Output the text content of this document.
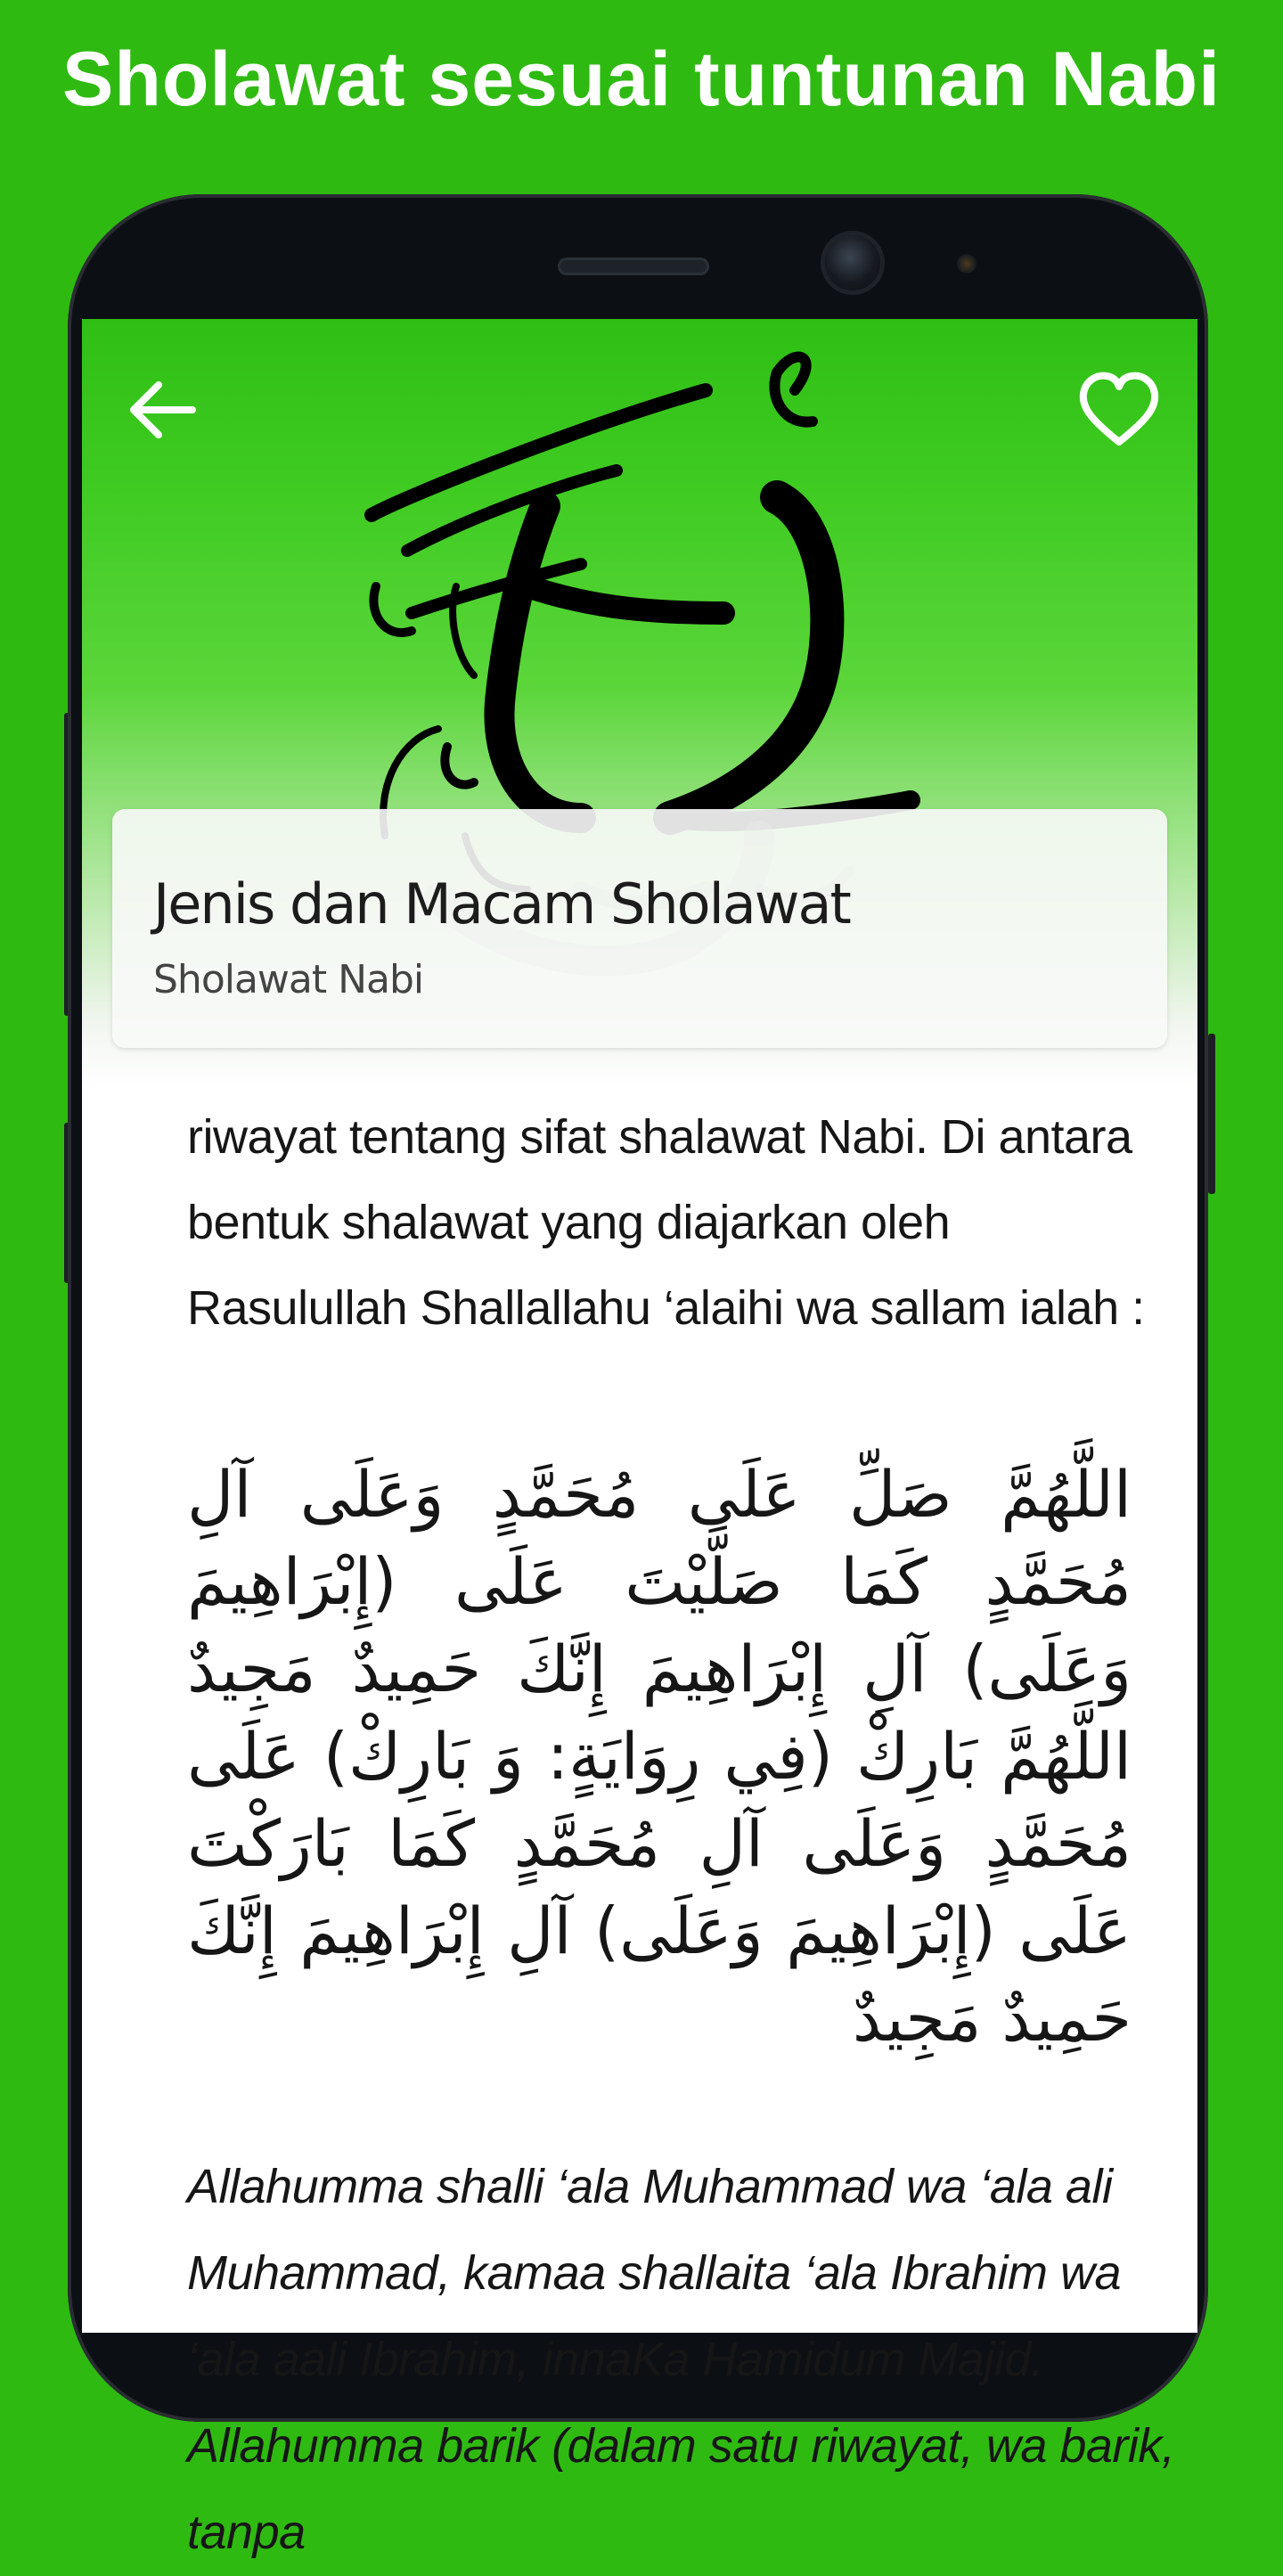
Sholawat sesuai tuntunan Nabi
Jenis dan Macam Sholawat
Sholawat Nabi

riwayat tentang sifat shalawat Nabi. Di antara bentuk shalawat yang diajarkan oleh Rasulullah Shallallahu ‘alaihi wa sallam ialah :

اللَّهُمَّ صَلِّ عَلَى مُحَمَّدٍ وَعَلَى آلِ مُحَمَّدٍ كَمَا صَلَّيْتَ عَلَى (إِبْرَاهِيمَ وَعَلَى) آلِ إِبْرَاهِيمَ إِنَّكَ حَمِيدٌ مَجِيدٌ اللَّهُمَّ بَارِكْ (فِي رِوَايَةٍ: وَ بَارِكْ) عَلَى مُحَمَّدٍ وَعَلَى آلِ مُحَمَّدٍ كَمَا بَارَكْتَ عَلَى (إِبْرَاهِيمَ وَعَلَى) آلِ إِبْرَاهِيمَ إِنَّكَ حَمِيدٌ مَجِيدٌ

Allahumma shalli ‘ala Muhammad wa ‘ala ali Muhammad, kamaa shallaita ‘ala Ibrahim wa ‘ala aali Ibrahim, innaKa Hamidum Majid. Allahumma barik (dalam satu riwayat, wa barik, tanpa
